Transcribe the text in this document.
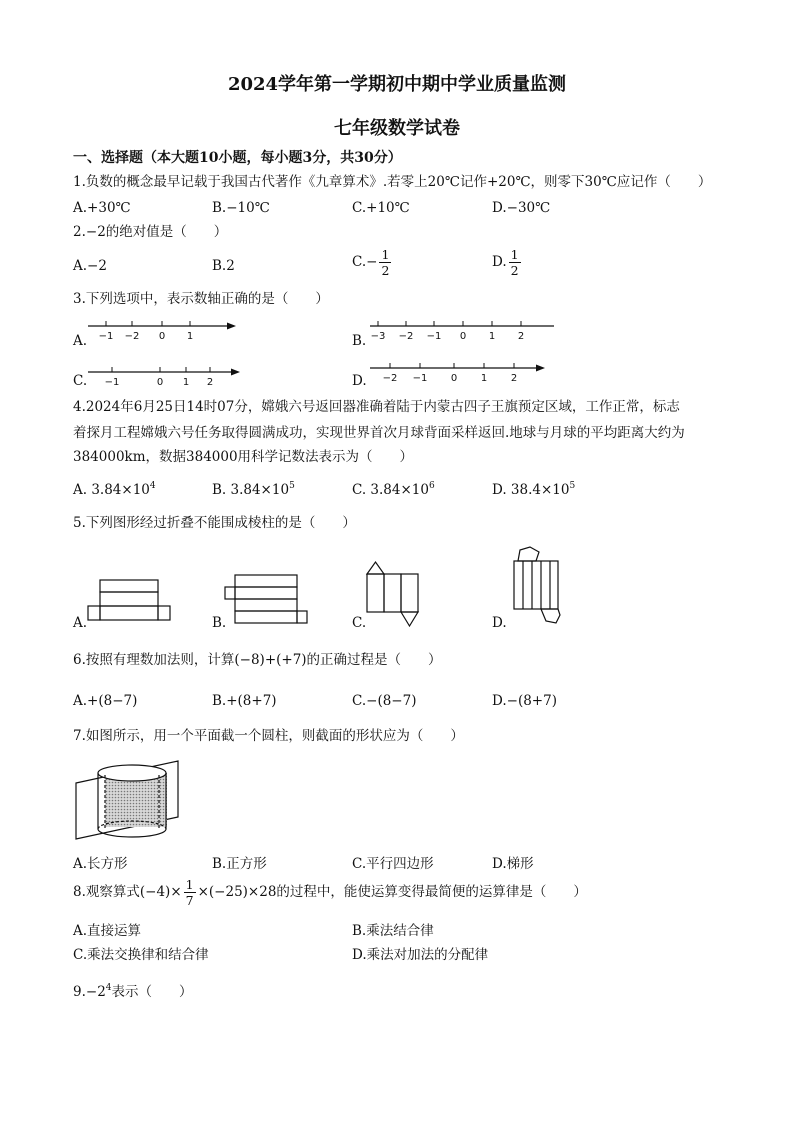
2024学年第一学期初中期中学业质量监测
七年级数学试卷
一、选择题（本大题10小题，每小题3分，共30分）
1.负数的概念最早记载于我国古代著作《九章算术》.若零上20℃记作+20℃，则零下30℃应记作（　　）
A.+30℃	B.−10℃	C.+10℃	D.−30℃
2.−2的绝对值是（　　）
A.−2	B.2	$C.- \frac{1}{2}$	D. $\frac{1}{2}$
3.下列选项中，表示数轴正确的是（　　）
A.	B.
C.	D.
−1 −2 0 1	−3 −2 −1 0 1 2
−1	0 1 2	−2 −1 0 1 2
4.2024年6月25日14时07分，嫦娥六号返回器准确着陆于内蒙古四子王旗预定区域，工作正常，标志
着探月工程嫦娥六号任务取得圆满成功，实现世界首次月球背面采样返回.地球与月球的平均距离大约为
384000km，数据384000用科学记数法表示为（　　）
A. $3.84\times 10^4$	B. $3.84\times 10^5$	C. $3.84\times 10^6$	D. $38.4\times 10^5$
5.下列图形经过折叠不能围成棱柱的是（　　）
A.	B.	C.	D.
6.按照有理数加法则，计算(−8)+(+7)的正确过程是（　　）
A.+(8−7)	B.+(8+7)	C.−(8−7)	D.−(8+7)
7.如图所示，用一个平面截一个圆柱，则截面的形状应为（　　）
A.长方形	B.正方形	C.平行四边形	D.梯形
8.观察算式$(-4)\times \frac{1}{7} \times(-25)\times 28$的过程中，能使运算变得最简便的运算律是（　　）
A.直接运算	B.乘法结合律
C.乘法交换律和结合律	D.乘法对加法的分配律
$9.-2^4$表示（　　）
